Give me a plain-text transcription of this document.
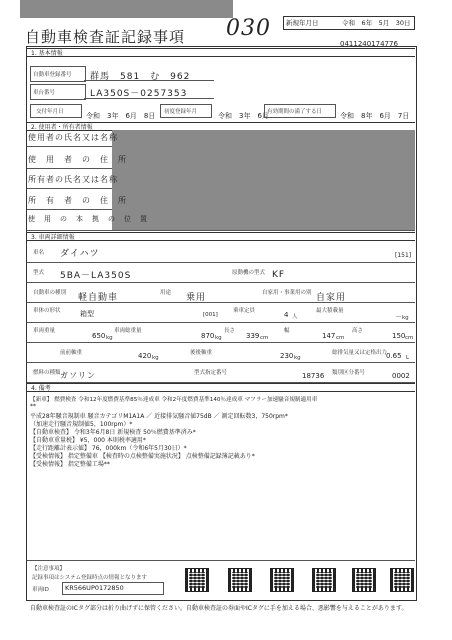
自動車検査証記録事項 030 新規年月日	令和　6年　5月　30日
0411240174776
1. 基本情報
自動車登録番号 群馬　581　む　962
車台番号	LA350S－0257353
交付年月日	令和　3年　6月　8日 初度登録年月	令和　3年　6月
有効期間の満了する日	令和　8年　6月　7日
2. 使用者・所有者情報
使用者の氏名又は名称
使　用　者　の　住　所
所有者の氏名又は名称
所　有　者　の　住　所
使　用　の　本　拠　の　位　置
3. 車両詳細情報
車名 ダイハツ	[151]
型式 5BA－LA350S	原動機の型式 KF
自動車の種別 軽自動車	用途 乗用	自家用・事業用の別 自家用
車体の形状	箱型	[001]
乗車定員	4 人
最大積載量
－ kg
車両重量
650 kg
車両総重量
870 kg
長さ
339 cm
幅
147 cm
高さ
150 cm
前前軸重	420 kg
後後軸重	230 kg
総排気量又は定格出力
0.65 L
燃料の種類 ガソリン	型式指定番号	18736 類別区分番号	0002
4. 備考
【新車】 燃費検査 令和12年度燃費基準85％達成車 令和2年度燃費基準140％達成車 マフラー加速騒音規制適用車
**
平成28年騒音規制車 騒音カテゴリM1A1A ／ 近接排気騒音値75dB ／ 測定回転数3，750rpm*
（加速走行騒音規制値5，100rpm）*
【自動車検査】 令和3年6月8日 新規検査 50％燃費基準済み*
【自動車重量税】 ¥5，000 本則税率適用*
【走行距離計表示値】 76，000km（令和6年5月30日）*
【受検情報】 指定整備車 【検査時の点検整備実施状況】 点検整備記録簿記載あり*
【受検情報】 指定整備工場**
【注意事項】
記録事項はシステム登録時点の情報となります
車両ID KR566UP0172850
自動車検査証のICタグ部分は折り曲げずに保管ください。自動車検査証の券面やICタグに手を加える場合、悪影響を与えることがあります。
